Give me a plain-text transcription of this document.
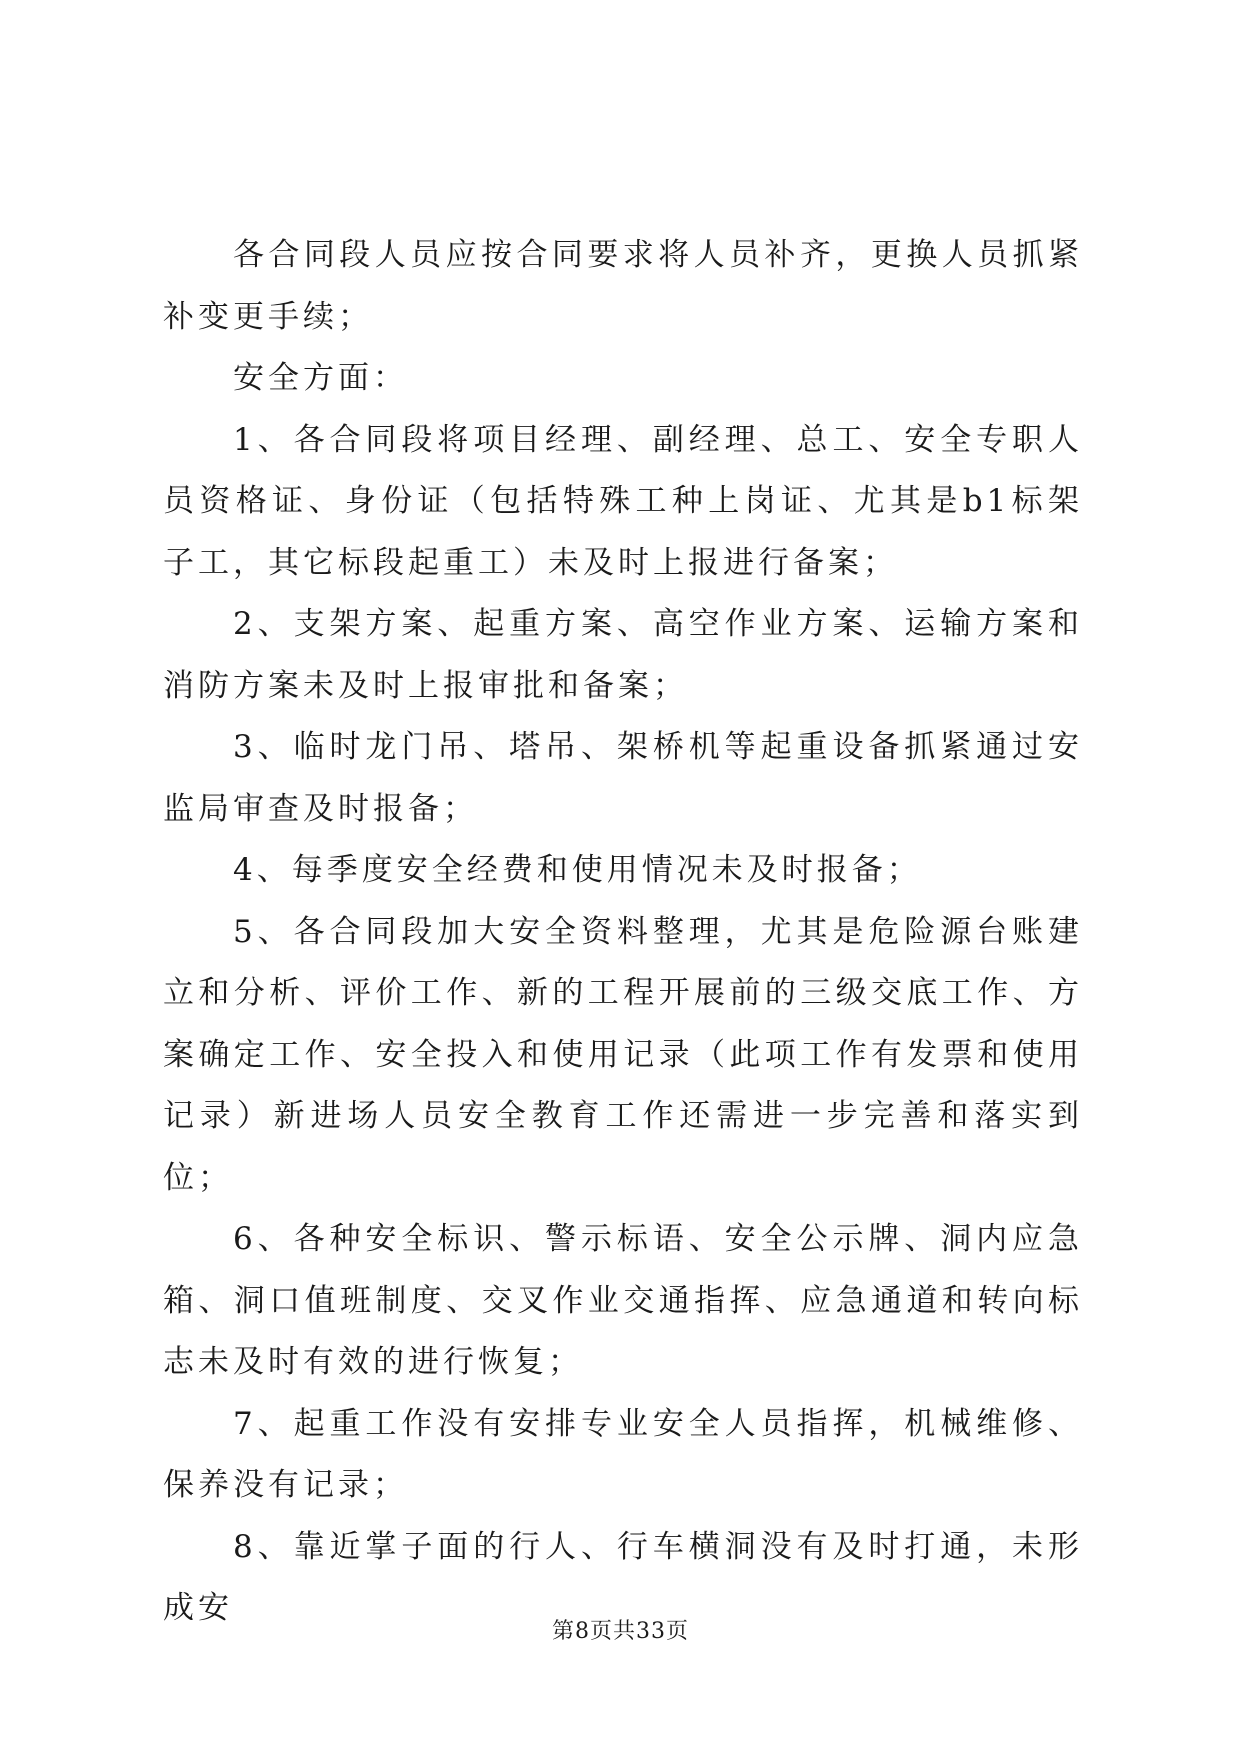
各合同段人员应按合同要求将人员补齐，更换人员抓紧补变更手续；

安全方面：

1、各合同段将项目经理、副经理、总工、安全专职人员资格证、身份证（包括特殊工种上岗证、尤其是b1标架子工，其它标段起重工）未及时上报进行备案；

2、支架方案、起重方案、高空作业方案、运输方案和消防方案未及时上报审批和备案；

3、临时龙门吊、塔吊、架桥机等起重设备抓紧通过安监局审查及时报备；

4、每季度安全经费和使用情况未及时报备；

5、各合同段加大安全资料整理，尤其是危险源台账建立和分析、评价工作、新的工程开展前的三级交底工作、方案确定工作、安全投入和使用记录（此项工作有发票和使用记录）新进场人员安全教育工作还需进一步完善和落实到位；

6、各种安全标识、警示标语、安全公示牌、洞内应急箱、洞口值班制度、交叉作业交通指挥、应急通道和转向标志未及时有效的进行恢复；

7、起重工作没有安排专业安全人员指挥，机械维修、保养没有记录；

8、靠近掌子面的行人、行车横洞没有及时打通，未形成安

第8页共33页
